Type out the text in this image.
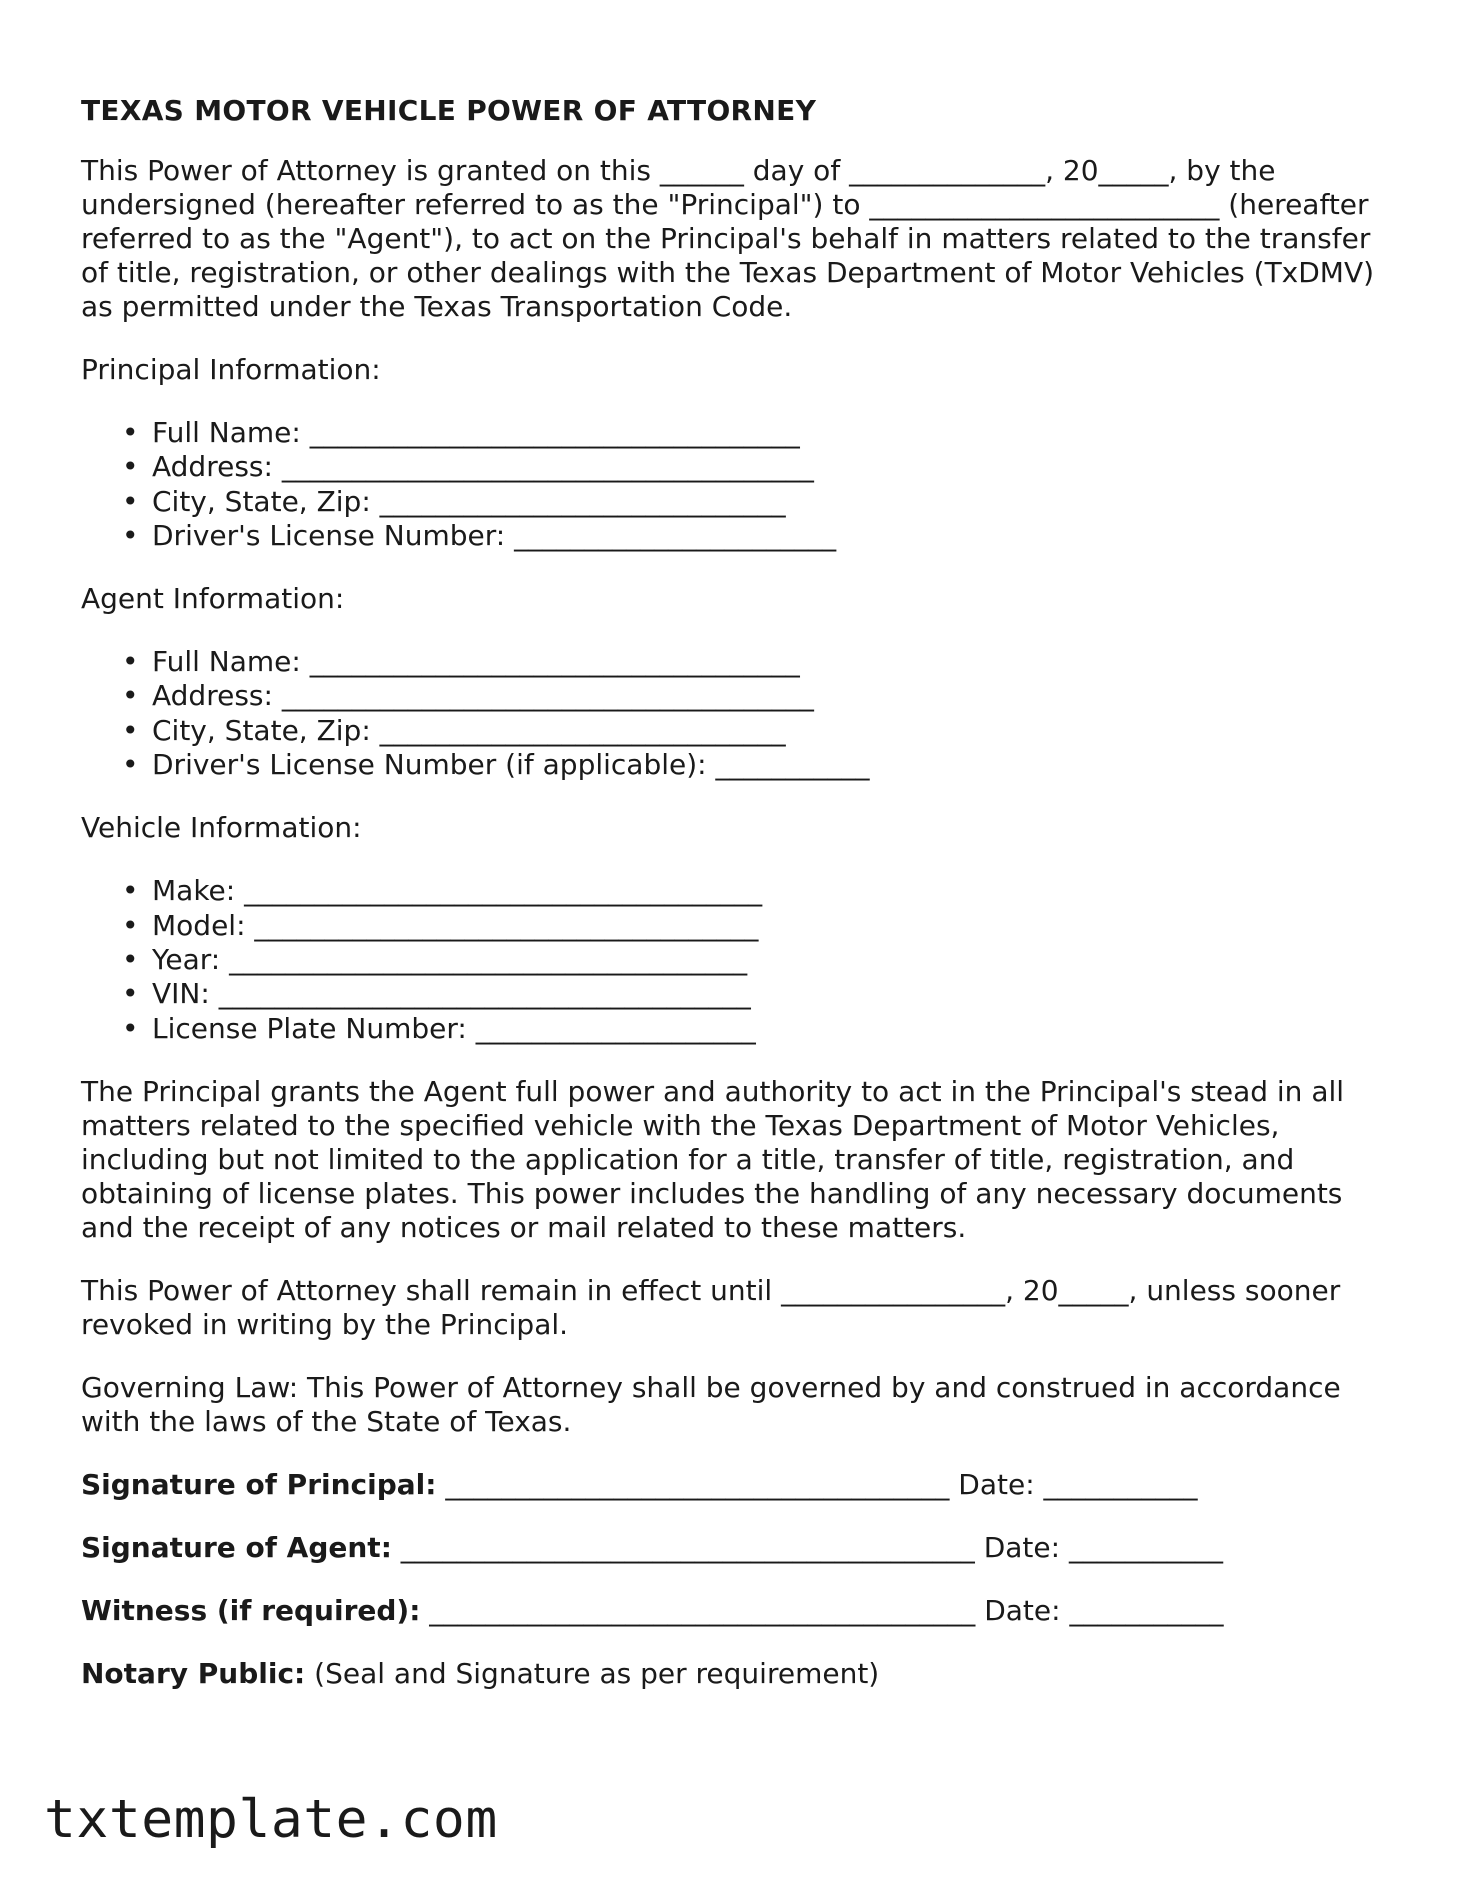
TEXAS MOTOR VEHICLE POWER OF ATTORNEY
This Power of Attorney is granted on this ______ day of ______________, 20_____, by the undersigned (hereafter referred to as the "Principal") to _________________________ (hereafter referred to as the "Agent"), to act on the Principal's behalf in matters related to the transfer of title, registration, or other dealings with the Texas Department of Motor Vehicles (TxDMV) as permitted under the Texas Transportation Code.
Principal Information:
• Full Name: ___________________________________
• Address: ______________________________________
• City, State, Zip: _____________________________
• Driver's License Number: _______________________
Agent Information:
• Full Name: ___________________________________
• Address: ______________________________________
• City, State, Zip: _____________________________
• Driver's License Number (if applicable): ___________
Vehicle Information:
• Make: _____________________________________
• Model: ____________________________________
• Year: _____________________________________
• VIN: ______________________________________
• License Plate Number: ____________________
The Principal grants the Agent full power and authority to act in the Principal's stead in all matters related to the specified vehicle with the Texas Department of Motor Vehicles, including but not limited to the application for a title, transfer of title, registration, and obtaining of license plates. This power includes the handling of any necessary documents and the receipt of any notices or mail related to these matters.
This Power of Attorney shall remain in effect until ________________, 20_____, unless sooner revoked in writing by the Principal.
Governing Law: This Power of Attorney shall be governed by and construed in accordance with the laws of the State of Texas.
Signature of Principal: ____________________________________ Date: ___________
Signature of Agent: _________________________________________ Date: ___________
Witness (if required): _______________________________________ Date: ___________
Notary Public: (Seal and Signature as per requirement)
txtemplate.com
